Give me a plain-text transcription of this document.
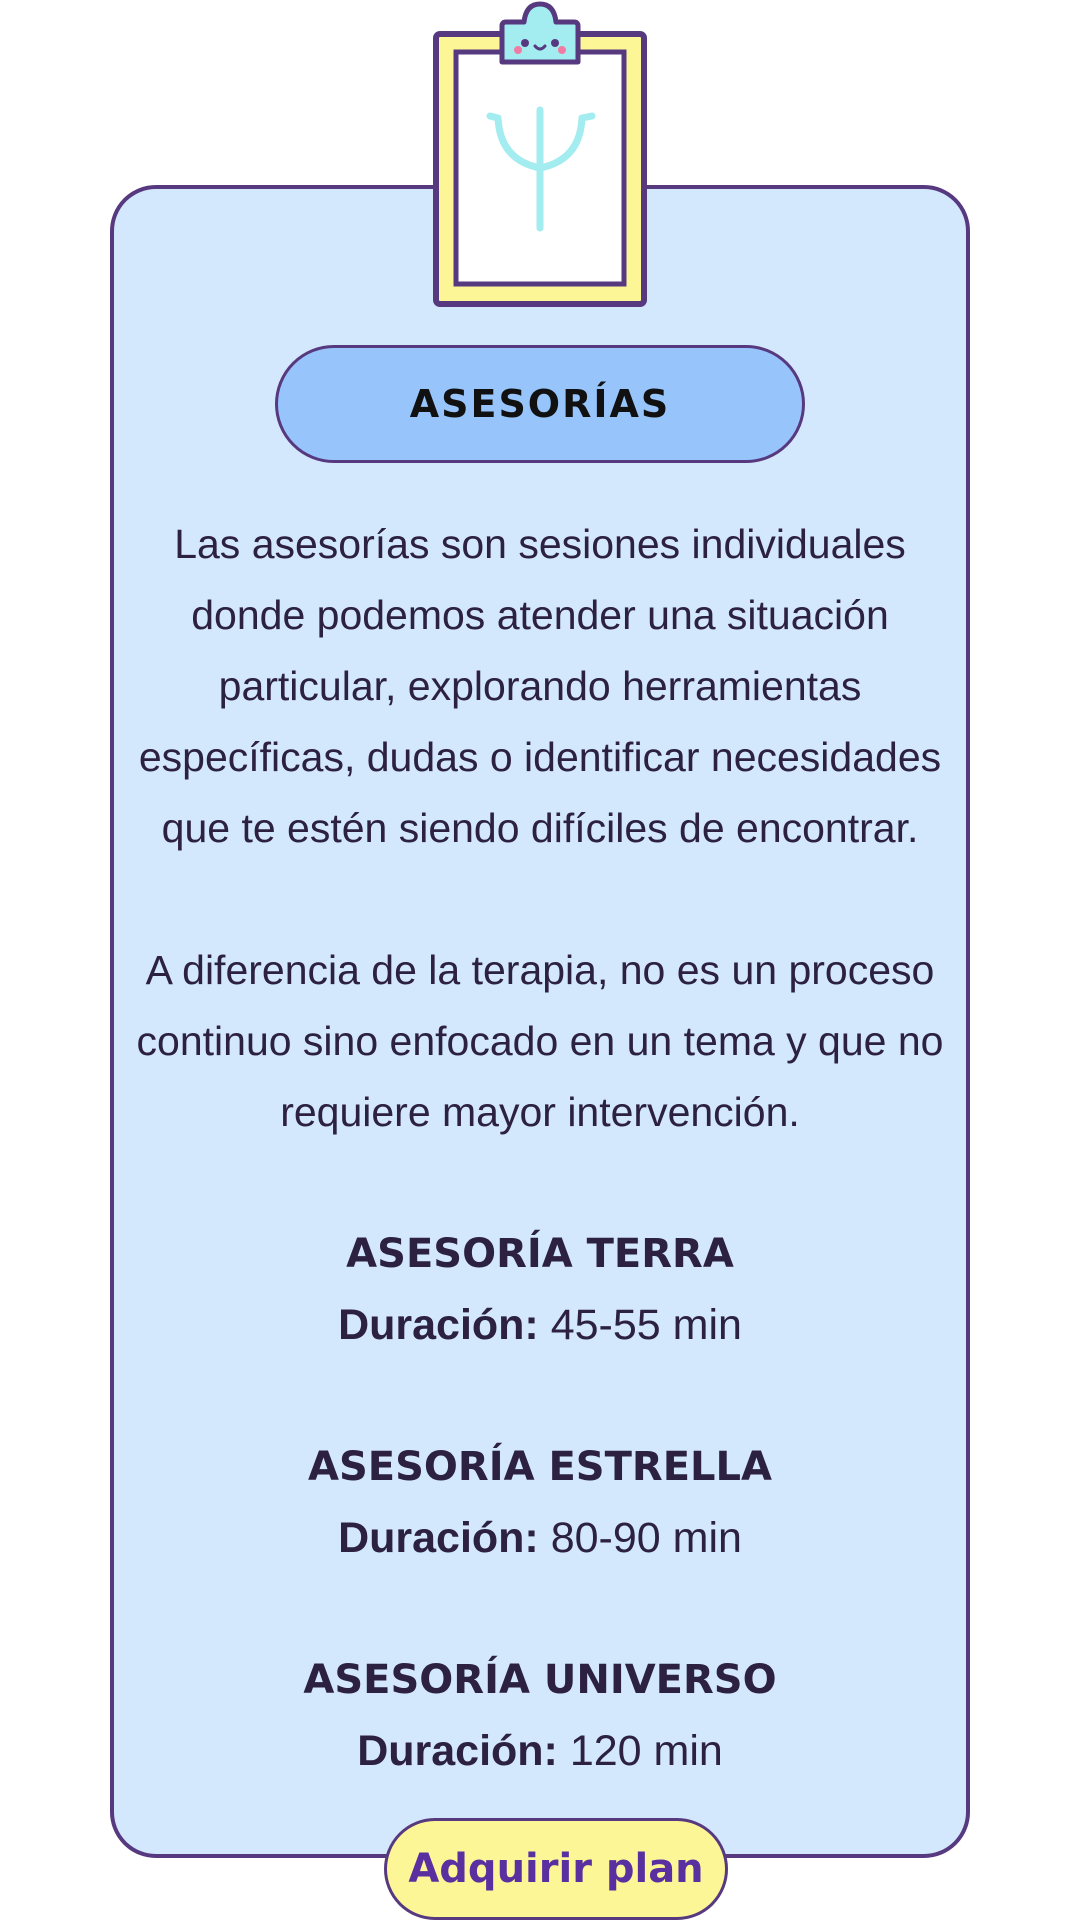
ASESORÍAS

Las asesorías son sesiones individuales donde podemos atender una situación particular, explorando herramientas específicas, dudas o identificar necesidades que te estén siendo difíciles de encontrar.

A diferencia de la terapia, no es un proceso continuo sino enfocado en un tema y que no requiere mayor intervención.

ASESORÍA TERRA
Duración: 45-55 min
ASESORÍA ESTRELLA
Duración: 80-90 min
ASESORÍA UNIVERSO
Duración: 120 min
Adquirir plan
